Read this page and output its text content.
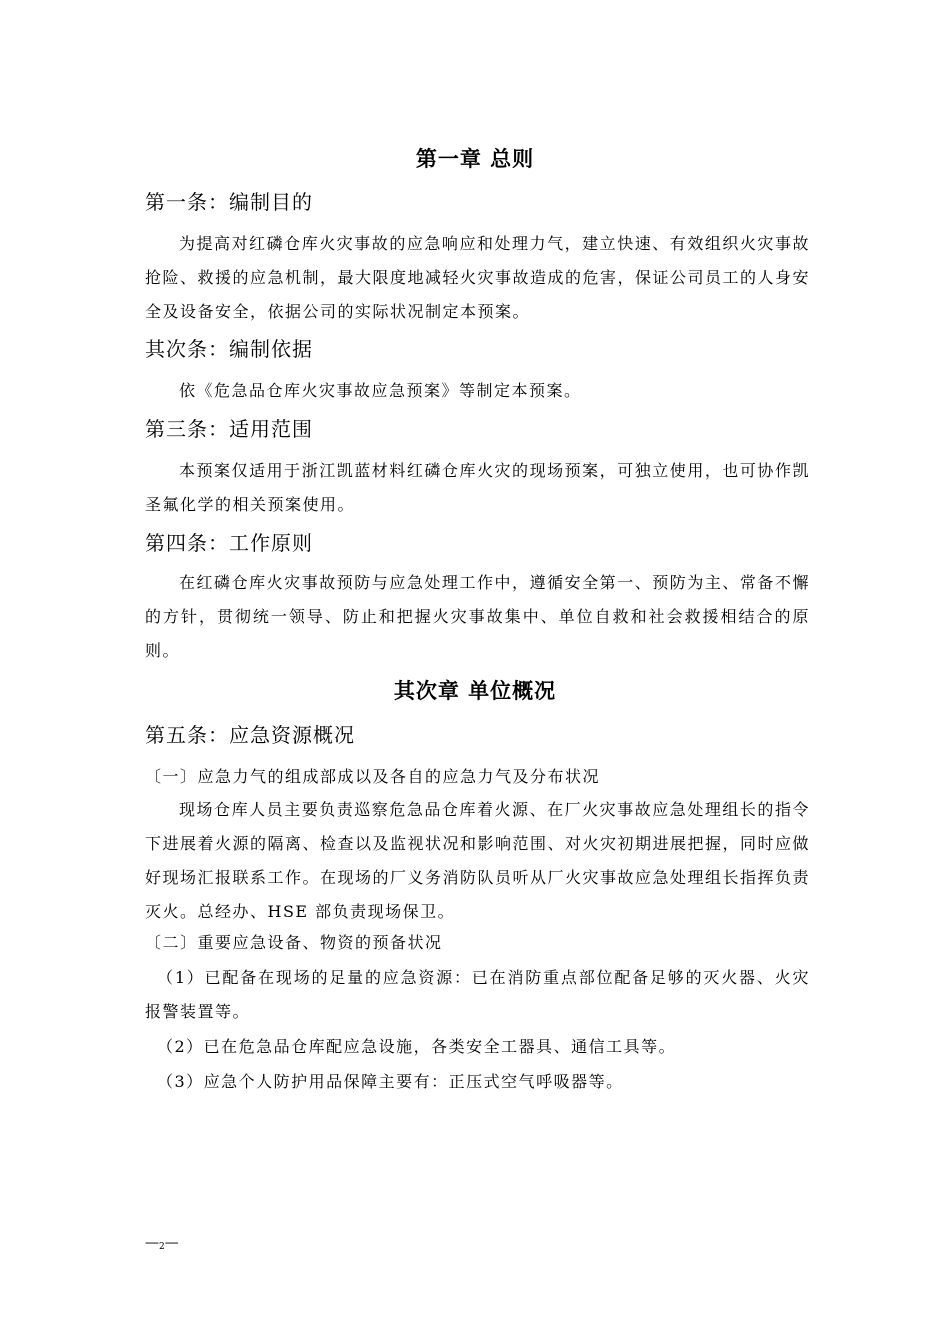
第一章 总则
第一条：编制目的
为提高对红磷仓库火灾事故的应急响应和处理力气，建立快速、有效组织火灾事故抢险、救援的应急机制，最大限度地减轻火灾事故造成的危害，保证公司员工的人身安全及设备安全，依据公司的实际状况制定本预案。
其次条：编制依据
依《危急品仓库火灾事故应急预案》等制定本预案。
第三条：适用范围
本预案仅适用于浙江凯蓝材料红磷仓库火灾的现场预案，可独立使用，也可协作凯圣氟化学的相关预案使用。
第四条：工作原则
在红磷仓库火灾事故预防与应急处理工作中，遵循安全第一、预防为主、常备不懈的方针，贯彻统一领导、防止和把握火灾事故集中、单位自救和社会救援相结合的原则。
其次章 单位概况
第五条：应急资源概况
〔一〕应急力气的组成部成以及各自的应急力气及分布状况
现场仓库人员主要负责巡察危急品仓库着火源、在厂火灾事故应急处理组长的指令下进展着火源的隔离、检查以及监视状况和影响范围、对火灾初期进展把握，同时应做好现场汇报联系工作。在现场的厂义务消防队员听从厂火灾事故应急处理组长指挥负责灭火。总经办、HSE 部负责现场保卫。
〔二〕重要应急设备、物资的预备状况
（1）已配备在现场的足量的应急资源：已在消防重点部位配备足够的灭火器、火灾报警装置等。
（2）已在危急品仓库配应急设施，各类安全工器具、通信工具等。
（3）应急个人防护用品保障主要有：正压式空气呼吸器等。
—2—
